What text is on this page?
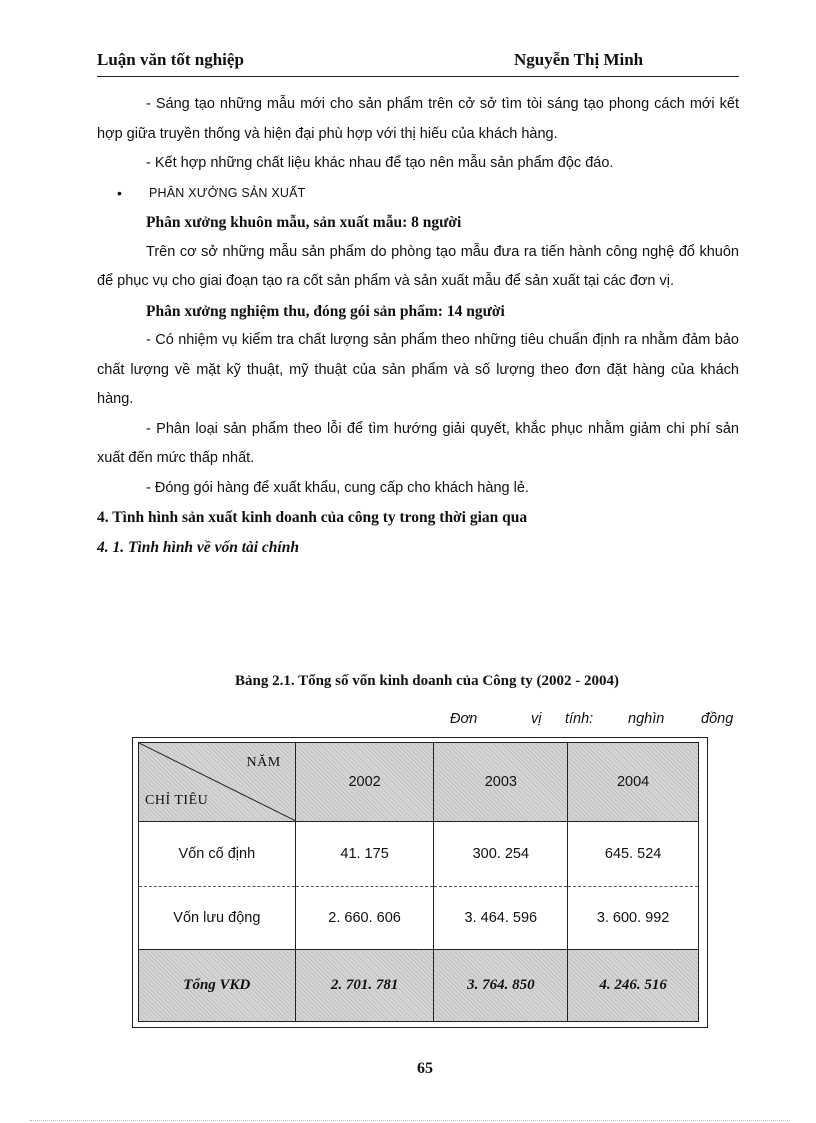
Luận văn tốt nghiệp	Nguyễn Thị Minh

- Sáng tạo những mẫu mới cho sản phẩm trên cở sở tìm tòi sáng tạo phong cách mới kết hợp giữa truyền thống và hiện đại phù hợp với thị hiếu của khách hàng.

- Kết hợp những chất liệu khác nhau để tạo nên mẫu sản phẩm độc đáo.

• PHÂN XƯỞNG SẢN XUẤT

Phân xưởng khuôn mẫu, sản xuất mẫu: 8 người

Trên cơ sở những mẫu sản phẩm do phòng tạo mẫu đưa ra tiến hành công nghệ đổ khuôn để phục vụ cho giai đoạn tạo ra cốt sản phẩm và sản xuất mẫu để sản xuất tại các đơn vị.

Phân xưởng nghiệm thu, đóng gói sản phẩm: 14 người

- Có nhiệm vụ kiểm tra chất lượng sản phẩm theo những tiêu chuẩn định ra nhằm đảm bảo chất lượng về mặt kỹ thuật, mỹ thuật của sản phẩm và số lượng theo đơn đặt hàng của khách hàng.

- Phân loại sản phẩm theo lỗi để tìm hướng giải quyết, khắc phục nhằm giảm chi phí sản xuất đến mức thấp nhất.

- Đóng gói hàng để xuất khẩu, cung cấp cho khách hàng lẻ.

4. Tình hình sản xuất kinh doanh của công ty trong thời gian qua

4. 1. Tình hình về vốn tài chính

Bảng 2.1. Tổng số vốn kinh doanh của Công ty (2002 - 2004)
Đơn	vị tính: nghìn	đồng
NĂM
CHỈ TIÊU	2002	2003	2004
Vốn cố định	41. 175	300. 254	645. 524
Vốn lưu động	2. 660. 606	3. 464. 596	3. 600. 992
Tổng VKD	2. 701. 781	3. 764. 850	4. 246. 516
65
